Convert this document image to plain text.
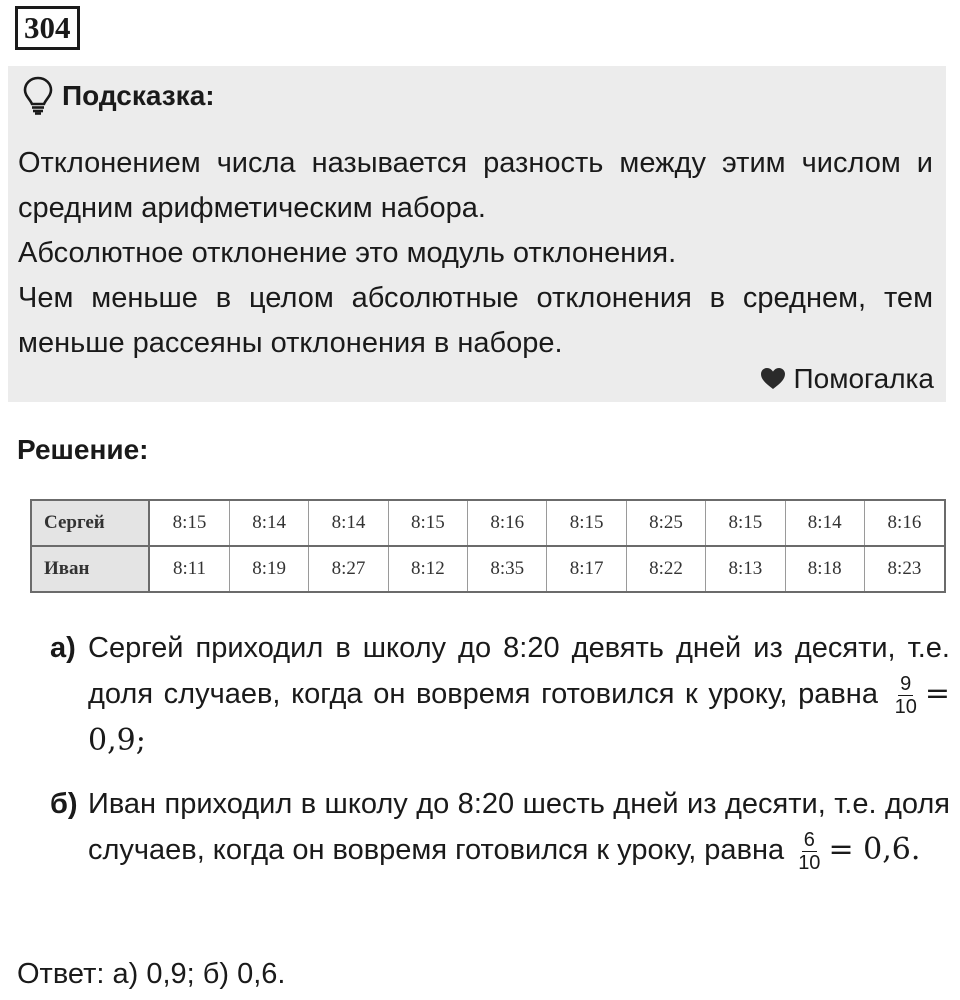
304
Подсказка:

Отклонением числа называется разность между этим числом и средним арифметическим набора.

Абсолютное отклонение это модуль отклонения.

Чем меньше в целом абсолютные отклонения в среднем, тем меньше рассеяны отклонения в наборе.

Помогалка
Решение:
Сергей	8:15	8:14	8:14	8:15	8:16	8:15	8:25	8:15	8:14	8:16
Иван	8:11	8:19	8:27	8:12	8:35	8:17	8:22	8:13	8:18	8:23
а) Сергей приходил в школу до 8:20 девять дней из десяти, т.е. доля случаев, когда он вовремя готовился к уроку, равна $\frac{9}{10} = 0,9$;

б) Иван приходил в школу до 8:20 шесть дней из десяти, т.е. доля случаев, когда он вовремя готовился к уроку, равна $\frac{6}{10} = 0,6$.

Ответ: а) 0,9; б) 0,6.
